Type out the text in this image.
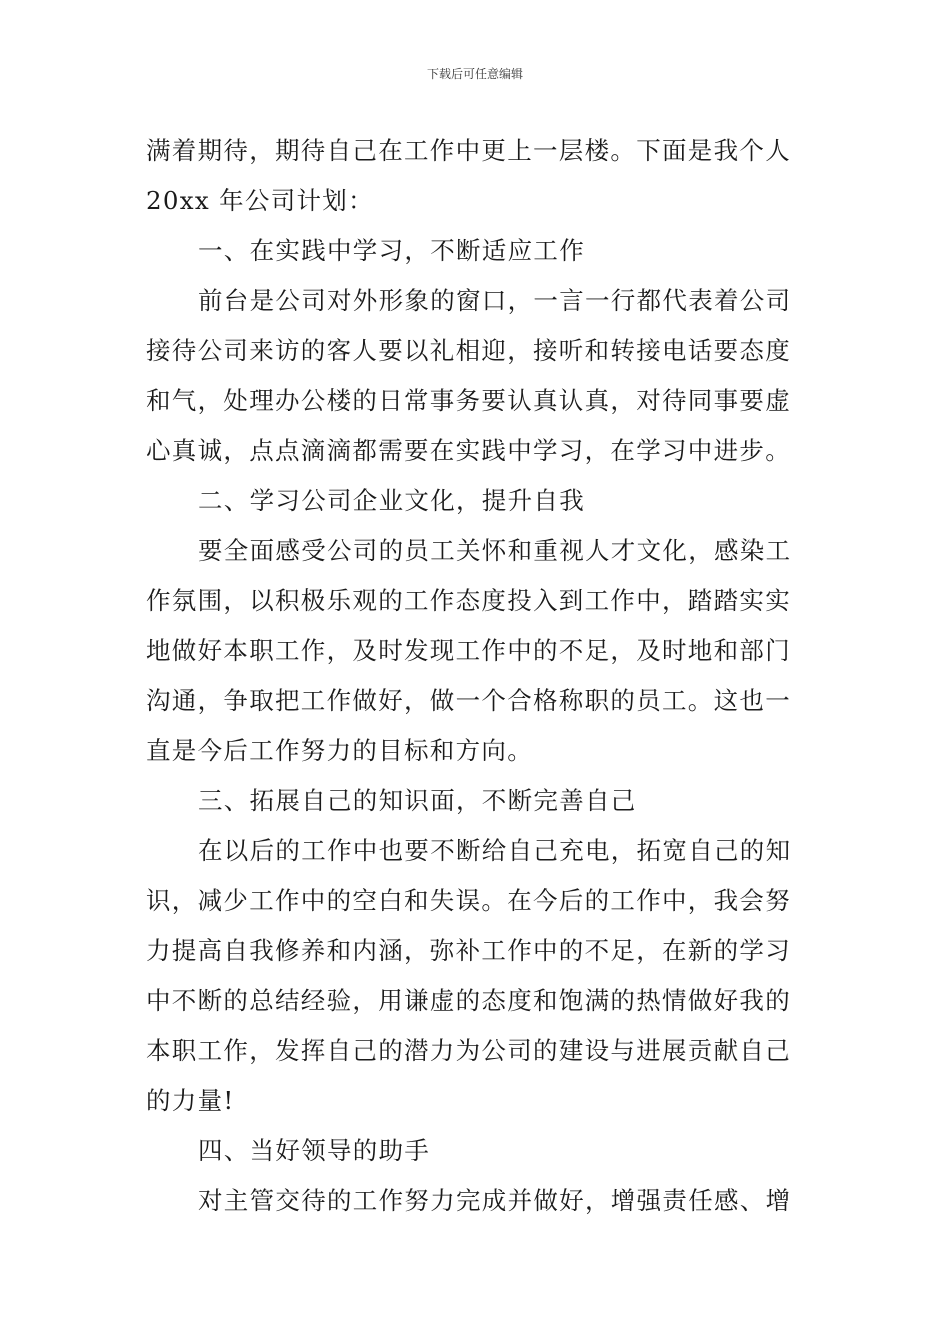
下载后可任意编辑

满着期待，期待自己在工作中更上一层楼。下面是我个人
20xx 年公司计划：
一、在实践中学习，不断适应工作
前台是公司对外形象的窗口，一言一行都代表着公司
接待公司来访的客人要以礼相迎，接听和转接电话要态度
和气，处理办公楼的日常事务要认真认真，对待同事要虚
心真诚，点点滴滴都需要在实践中学习，在学习中进步。
二、学习公司企业文化，提升自我
要全面感受公司的员工关怀和重视人才文化，感染工
作氛围，以积极乐观的工作态度投入到工作中，踏踏实实
地做好本职工作，及时发现工作中的不足，及时地和部门
沟通，争取把工作做好，做一个合格称职的员工。这也一
直是今后工作努力的目标和方向。
三、拓展自己的知识面，不断完善自己
在以后的工作中也要不断给自己充电，拓宽自己的知
识，减少工作中的空白和失误。在今后的工作中，我会努
力提高自我修养和内涵，弥补工作中的不足，在新的学习
中不断的总结经验，用谦虚的态度和饱满的热情做好我的
本职工作，发挥自己的潜力为公司的建设与进展贡献自己
的力量!
四、当好领导的助手
对主管交待的工作努力完成并做好，增强责任感、增
